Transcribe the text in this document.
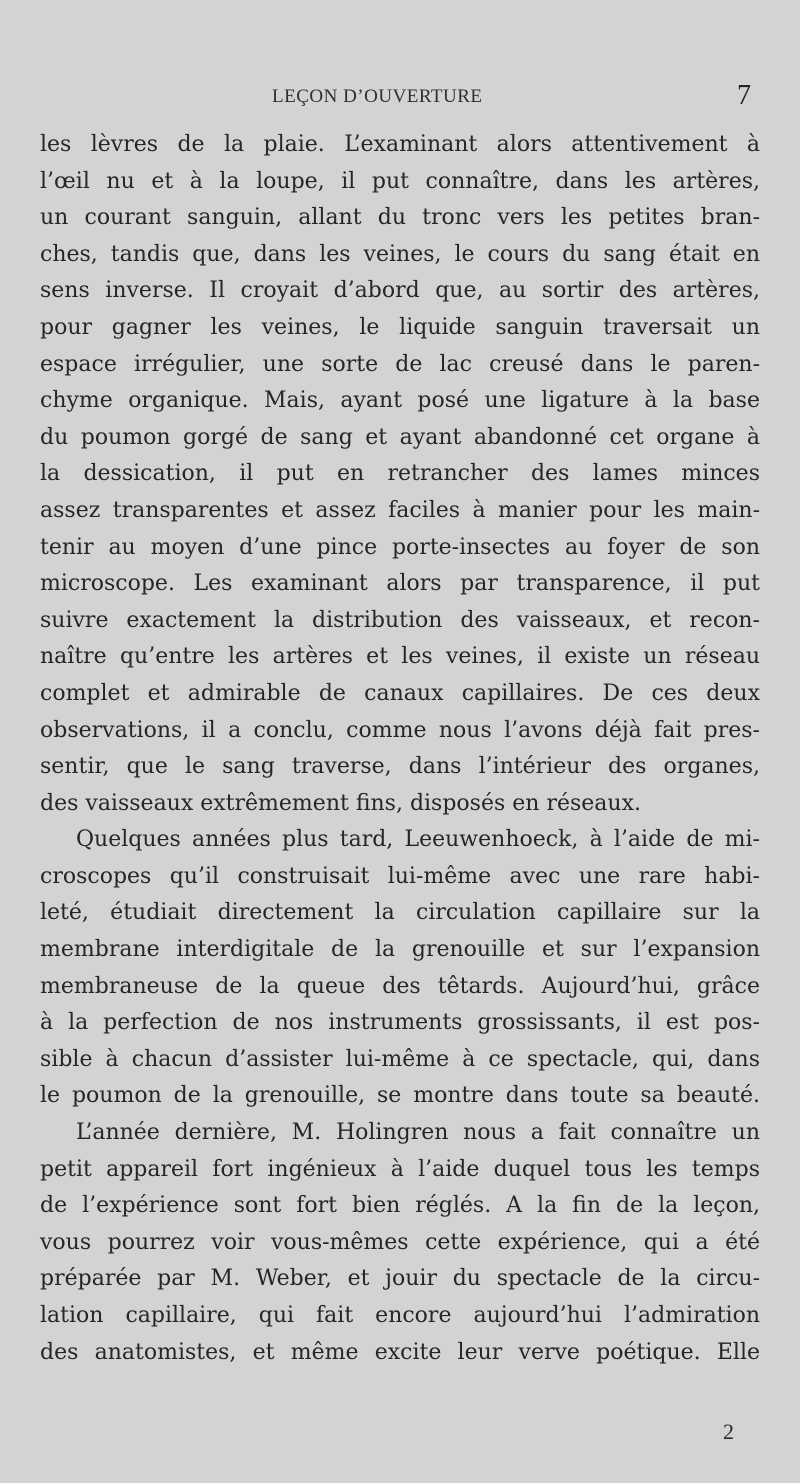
LEÇON D’OUVERTURE	7
les lèvres de la plaie. L’examinant alors attentivement à
l’œil nu et à la loupe, il put connaître, dans les artères,
un courant sanguin, allant du tronc vers les petites bran-
ches, tandis que, dans les veines, le cours du sang était en
sens inverse. Il croyait d’abord que, au sortir des artères,
pour gagner les veines, le liquide sanguin traversait un
espace irrégulier, une sorte de lac creusé dans le paren-
chyme organique. Mais, ayant posé une ligature à la base
du poumon gorgé de sang et ayant abandonné cet organe à
la dessication, il put en retrancher des lames minces
assez transparentes et assez faciles à manier pour les main-
tenir au moyen d’une pince porte-insectes au foyer de son
microscope. Les examinant alors par transparence, il put
suivre exactement la distribution des vaisseaux, et recon-
naître qu’entre les artères et les veines, il existe un réseau
complet et admirable de canaux capillaires. De ces deux
observations, il a conclu, comme nous l’avons déjà fait pres-
sentir, que le sang traverse, dans l’intérieur des organes,
des vaisseaux extrêmement fins, disposés en réseaux.
Quelques années plus tard, Leeuwenhoeck, à l’aide de mi-
croscopes qu’il construisait lui-même avec une rare habi-
leté, étudiait directement la circulation capillaire sur la
membrane interdigitale de la grenouille et sur l’expansion
membraneuse de la queue des têtards. Aujourd’hui, grâce
à la perfection de nos instruments grossissants, il est pos-
sible à chacun d’assister lui-même à ce spectacle, qui, dans
le poumon de la grenouille, se montre dans toute sa beauté.
L’année dernière, M. Holingren nous a fait connaître un
petit appareil fort ingénieux à l’aide duquel tous les temps
de l’expérience sont fort bien réglés. A la fin de la leçon,
vous pourrez voir vous-mêmes cette expérience, qui a été
préparée par M. Weber, et jouir du spectacle de la circu-
lation capillaire, qui fait encore aujourd’hui l’admiration
des anatomistes, et même excite leur verve poétique. Elle
2
